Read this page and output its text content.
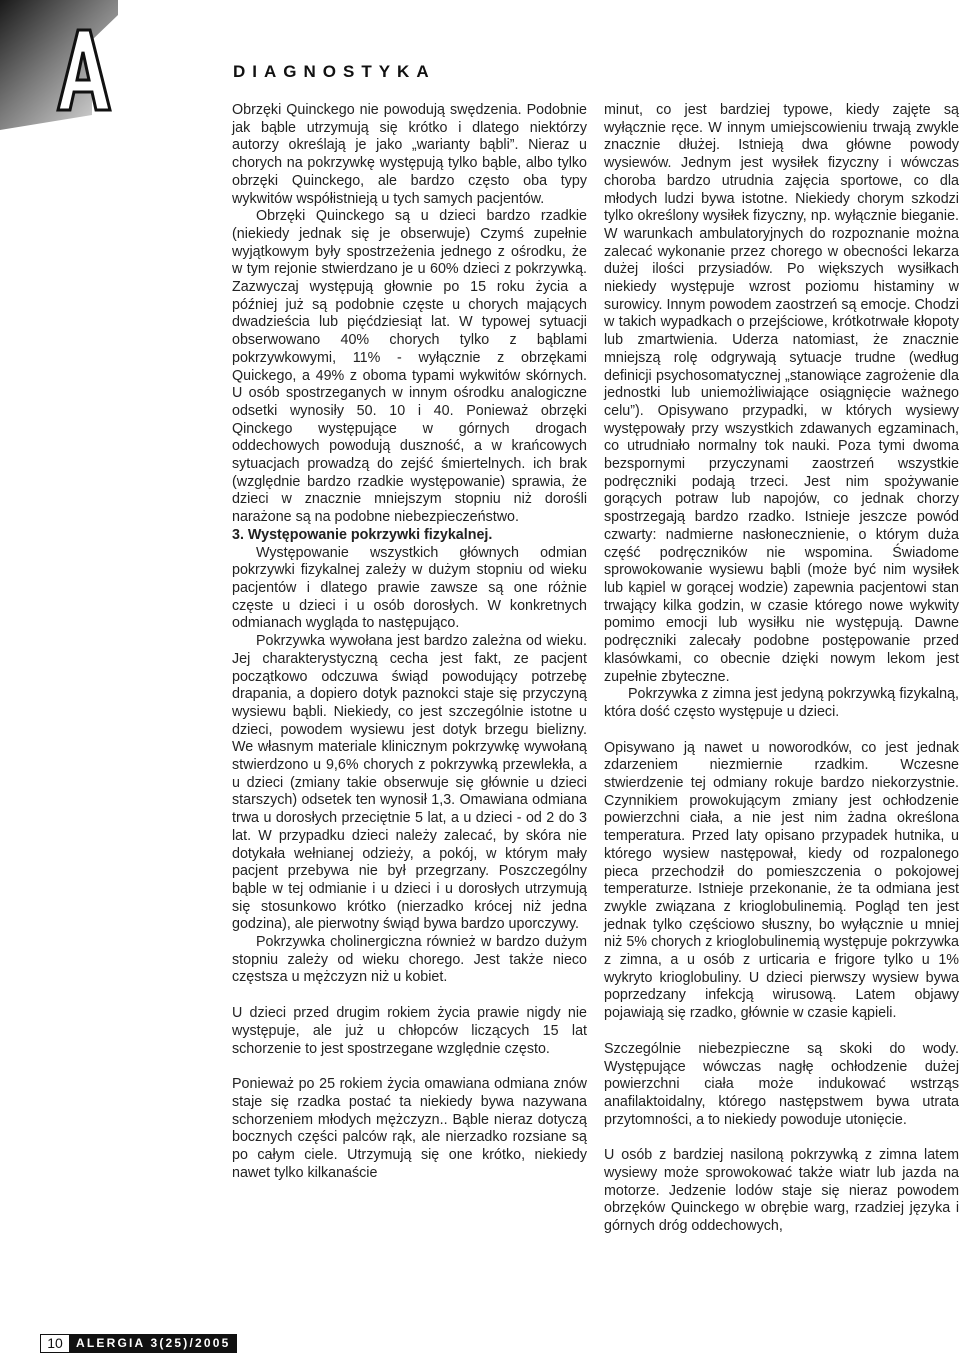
DIAGNOSTYKA

Obrzęki Quinckego nie powodują swędzenia. Podobnie jak bąble utrzymują się krótko i dlatego niektórzy autorzy określają je jako „warianty bąbli”. Nieraz u chorych na pokrzywkę występują tylko bąble, albo tylko obrzęki Quinckego, ale bardzo często oba typy wykwitów współistnieją u tych samych pacjentów.

Obrzęki Quinckego są u dzieci bardzo rzadkie (niekiedy jednak się je obserwuje) Czymś zupełnie wyjątkowym były spostrzeżenia jednego z ośrodku, że w tym rejonie stwierdzano je u 60% dzieci z pokrzywką. Zazwyczaj występują głownie po 15 roku życia a później już są podobnie częste u chorych mających dwadzieścia lub pięćdziesiąt lat. W typowej sytuacji obserwowano 40% chorych tylko z bąblami pokrzywkowymi, 11% - wyłącznie z obrzękami Quickego, a 49% z oboma typami wykwitów skórnych. U osób spostrzeganych w innym ośrodku analogiczne odsetki wynosiły 50. 10 i 40. Ponieważ obrzęki Qinckego występujące w górnych drogach oddechowych powodują duszność, a w krańcowych sytuacjach prowadzą do zejść śmiertelnych. ich brak (względnie bardzo rzadkie występowanie) sprawia, że dzieci w znacznie mniejszym stopniu niż dorośli narażone są na podobne niebezpieczeństwo.

3. Występowanie pokrzywki fizykalnej.

Występowanie wszystkich głównych odmian pokrzywki fizykalnej zależy w dużym stopniu od wieku pacjentów i dlatego prawie zawsze są one różnie częste u dzieci i u osób dorosłych. W konkretnych odmianach wygląda to następująco.

Pokrzywka wywołana jest bardzo zależna od wieku. Jej charakterystyczną cecha jest fakt, ze pacjent początkowo odczuwa świąd powodujący potrzebę drapania, a dopiero dotyk paznokci staje się przyczyną wysiewu bąbli. Niekiedy, co jest szczególnie istotne u dzieci, powodem wysiewu jest dotyk brzegu bielizny. We własnym materiale klinicznym pokrzywkę wywołaną stwierdzono u 9,6% chorych z pokrzywką przewlekła, a u dzieci (zmiany takie obserwuje się głównie u dzieci starszych) odsetek ten wynosił 1,3. Omawiana odmiana trwa u dorosłych przeciętnie 5 lat, a u dzieci - od 2 do 3 lat. W przypadku dzieci należy zalecać, by skóra nie dotykała wełnianej odzieży, a pokój, w którym mały pacjent przebywa nie był przegrzany. Poszczególny bąble w tej odmianie i u dzieci i u dorosłych utrzymują się stosunkowo krótko (nierzadko krócej niż jedna godzina), ale pierwotny świąd bywa bardzo uporczywy.

Pokrzywka cholinergiczna również w bardzo dużym stopniu zależy od wieku chorego. Jest także nieco częstsza u mężczyzn niż u kobiet.

U dzieci przed drugim rokiem życia prawie nigdy nie występuje, ale już u chłopców liczących 15 lat schorzenie to jest spostrzegane względnie często.

Ponieważ po 25 rokiem życia omawiana odmiana znów staje się rzadka postać ta niekiedy bywa nazywana schorzeniem młodych mężczyzn.. Bąble nieraz dotyczą bocznych części palców rąk, ale nierzadko rozsiane są po całym ciele. Utrzymują się one krótko, niekiedy nawet tylko kilkanaście

minut, co jest bardziej typowe, kiedy zajęte są wyłącznie ręce. W innym umiejscowieniu trwają zwykle znacznie dłużej. Istnieją dwa główne powody wysiewów. Jednym jest wysiłek fizyczny i wówczas choroba bardzo utrudnia zajęcia sportowe, co dla młodych ludzi bywa istotne. Niekiedy chorym szkodzi tylko określony wysiłek fizyczny, np. wyłącznie bieganie. W warunkach ambulatoryjnych do rozpoznanie można zalecać wykonanie przez chorego w obecności lekarza dużej ilości przysiadów. Po większych wysiłkach niekiedy występuje wzrost poziomu histaminy w surowicy. Innym powodem zaostrzeń są emocje. Chodzi w takich wypadkach o przejściowe, krótkotrwałe kłopoty lub zmartwienia. Uderza natomiast, że znacznie mniejszą rolę odgrywają sytuacje trudne (według definicji psychosomatycznej „stanowiące zagrożenie dla jednostki lub uniemożliwiające osiągnięcie ważnego celu”). Opisywano przypadki, w których wysiewy występowały przy wszystkich zdawanych egzaminach, co utrudniało normalny tok nauki. Poza tymi dwoma bezspornymi przyczynami zaostrzeń wszystkie podręczniki podają trzeci. Jest nim spożywanie gorących potraw lub napojów, co jednak chorzy spostrzegają bardzo rzadko. Istnieje jeszcze powód czwarty: nadmierne nasłonecznienie, o którym duża część podręczników nie wspomina. Świadome sprowokowanie wysiewu bąbli (może być nim wysiłek lub kąpiel w gorącej wodzie) zapewnia pacjentowi stan trwający kilka godzin, w czasie którego nowe wykwity pomimo emocji lub wysiłku nie występują. Dawne podręczniki zalecały podobne postępowanie przed klasówkami, co obecnie dzięki nowym lekom jest zupełnie zbyteczne.

Pokrzywka z zimna jest jedyną pokrzywką fizykalną, która dość często występuje u dzieci.

Opisywano ją nawet u noworodków, co jest jednak zdarzeniem niezmiernie rzadkim. Wczesne stwierdzenie tej odmiany rokuje bardzo niekorzystnie. Czynnikiem prowokującym zmiany jest ochłodzenie powierzchni ciała, a nie jest nim żadna określona temperatura. Przed laty opisano przypadek hutnika, u którego wysiew następował, kiedy od rozpalonego pieca przechodził do pomieszczenia o pokojowej temperaturze. Istnieje przekonanie, że ta odmiana jest zwykle związana z krioglobulinemią. Pogląd ten jest jednak tylko częściowo słuszny, bo wyłącznie u mniej niż 5% chorych z krioglobulinemią występuje pokrzywka z zimna, a u osób z urticaria e frigore tylko u 1% wykryto krioglobuliny. U dzieci pierwszy wysiew bywa poprzedzany infekcją wirusową. Latem objawy pojawiają się rzadko, głównie w czasie kąpieli.

Szczególnie niebezpieczne są skoki do wody. Występujące wówczas nagłę ochłodzenie dużej powierzchni ciała może indukować wstrząs anafilaktoidalny, którego następstwem bywa utrata przytomności, a to niekiedy powoduje utonięcie.

U osób z bardziej nasiloną pokrzywką z zimna latem wysiewy może sprowokować także wiatr lub jazda na motorze. Jedzenie lodów staje się nieraz powodem obrzęków Quinckego w obrębie warg, rzadziej języka i górnych dróg oddechowych,

10	ALERGIA 3(25)/2005
